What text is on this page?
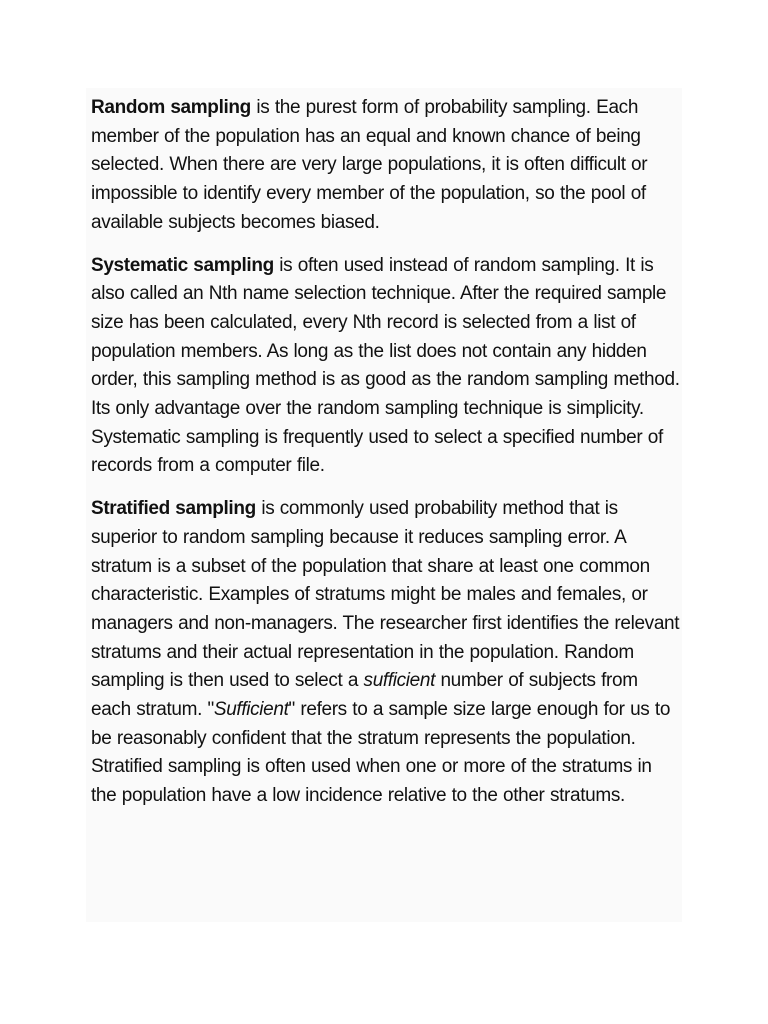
Random sampling is the purest form of probability sampling. Each member of the population has an equal and known chance of being selected. When there are very large populations, it is often difficult or impossible to identify every member of the population, so the pool of available subjects becomes biased.

Systematic sampling is often used instead of random sampling. It is also called an Nth name selection technique. After the required sample size has been calculated, every Nth record is selected from a list of population members. As long as the list does not contain any hidden order, this sampling method is as good as the random sampling method. Its only advantage over the random sampling technique is simplicity. Systematic sampling is frequently used to select a specified number of records from a computer file.

Stratified sampling is commonly used probability method that is superior to random sampling because it reduces sampling error. A stratum is a subset of the population that share at least one common characteristic. Examples of stratums might be males and females, or managers and non-managers. The researcher first identifies the relevant stratums and their actual representation in the population. Random sampling is then used to select a sufficient number of subjects from each stratum. "Sufficient" refers to a sample size large enough for us to be reasonably confident that the stratum represents the population. Stratified sampling is often used when one or more of the stratums in the population have a low incidence relative to the other stratums.
